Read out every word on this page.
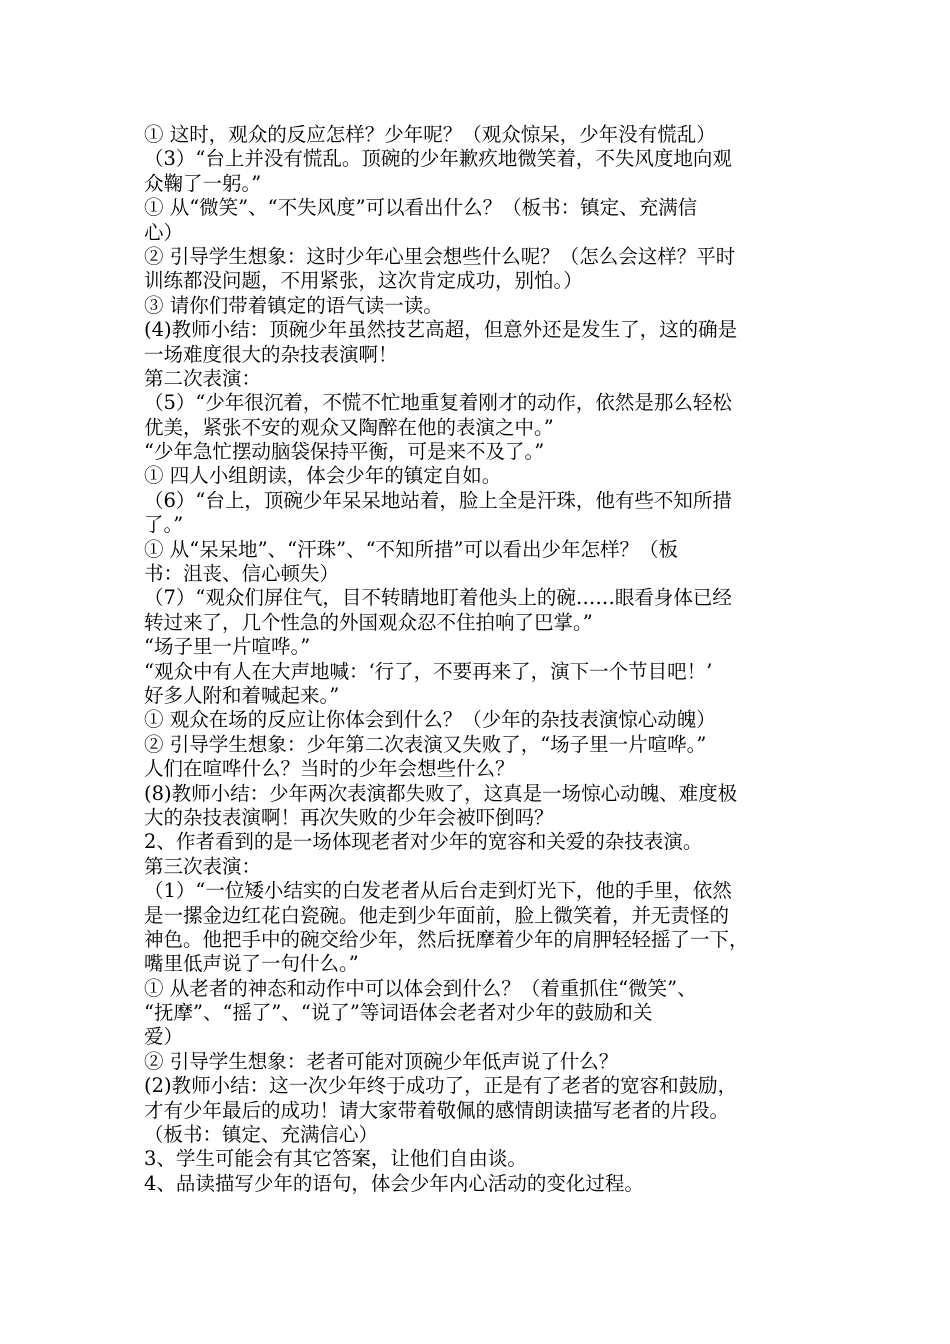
① 这时，观众的反应怎样？少年呢？（观众惊呆，少年没有慌乱）
（3）“台上并没有慌乱。顶碗的少年歉疚地微笑着，不失风度地向观
众鞠了一躬。”
① 从“微笑”、“不失风度”可以看出什么？（板书：镇定、充满信
心）
② 引导学生想象：这时少年心里会想些什么呢？（怎么会这样？平时
训练都没问题，不用紧张，这次肯定成功，别怕。）
③ 请你们带着镇定的语气读一读。
(4)教师小结：顶碗少年虽然技艺高超，但意外还是发生了，这的确是
一场难度很大的杂技表演啊！
第二次表演：
（5）“少年很沉着，不慌不忙地重复着刚才的动作，依然是那么轻松
优美，紧张不安的观众又陶醉在他的表演之中。”
“少年急忙摆动脑袋保持平衡，可是来不及了。”
① 四人小组朗读，体会少年的镇定自如。
（6）“台上，顶碗少年呆呆地站着，脸上全是汗珠，他有些不知所措
了。”
① 从“呆呆地”、“汗珠”、“不知所措”可以看出少年怎样？（板
书：沮丧、信心顿失）
（7）“观众们屏住气，目不转睛地盯着他头上的碗……眼看身体已经
转过来了，几个性急的外国观众忍不住拍响了巴掌。”
“场子里一片喧哗。”
“观众中有人在大声地喊：‘行了，不要再来了，演下一个节目吧！’
好多人附和着喊起来。”
① 观众在场的反应让你体会到什么？（少年的杂技表演惊心动魄）
② 引导学生想象：少年第二次表演又失败了，“场子里一片喧哗。”
人们在喧哗什么？当时的少年会想些什么？
(8)教师小结：少年两次表演都失败了，这真是一场惊心动魄、难度极
大的杂技表演啊！再次失败的少年会被吓倒吗？
2、作者看到的是一场体现老者对少年的宽容和关爱的杂技表演。
第三次表演：
（1）“一位矮小结实的白发老者从后台走到灯光下，他的手里，依然
是一摞金边红花白瓷碗。他走到少年面前，脸上微笑着，并无责怪的
神色。他把手中的碗交给少年，然后抚摩着少年的肩胛轻轻摇了一下，
嘴里低声说了一句什么。”
① 从老者的神态和动作中可以体会到什么？（着重抓住“微笑”、
“抚摩”、“摇了”、“说了”等词语体会老者对少年的鼓励和关
爱）
② 引导学生想象：老者可能对顶碗少年低声说了什么？
(2)教师小结：这一次少年终于成功了，正是有了老者的宽容和鼓励，
才有少年最后的成功！请大家带着敬佩的感情朗读描写老者的片段。
（板书：镇定、充满信心）
3、学生可能会有其它答案，让他们自由谈。
4、品读描写少年的语句，体会少年内心活动的变化过程。
